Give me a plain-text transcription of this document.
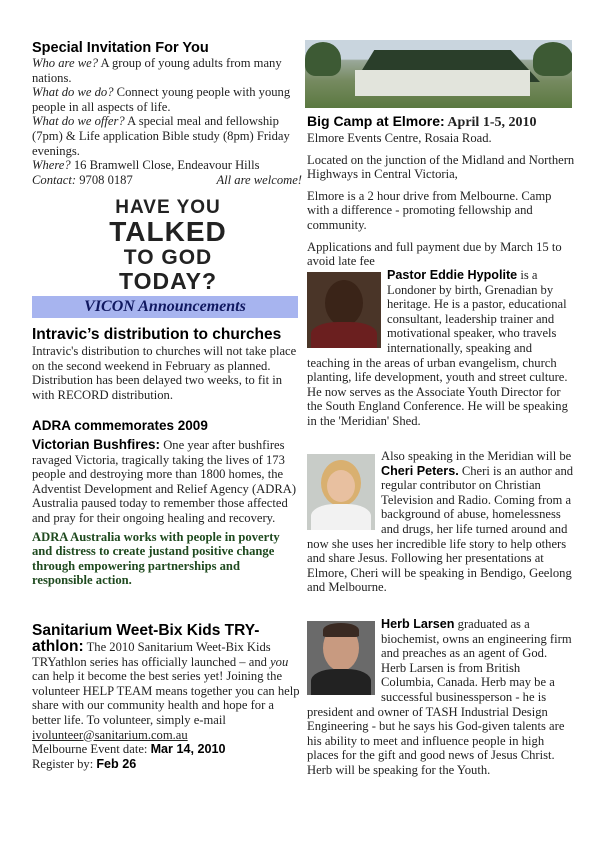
Special Invitation For You

Who are we? A group of young adults from many nations.

What do we do? Connect young people with young people in all aspects of life.

What do we offer? A special meal and fellowship (7pm) & Life application Bible study (8pm) Friday evenings.

Where? 16 Bramwell Close, Endeavour Hills

Contact: 9708 0187	All are welcome!
HAVE YOU
TALKED
TO GOD
TODAY?
VICON Announcements
Intravic’s distribution to churches

Intravic's distribution to churches will not take place on the second weekend in February as planned. Distribution has been delayed two weeks, to fit in with RECORD distribution.

ADRA commemorates 2009

Victorian Bushfires: One year after bushfires ravaged Victoria, tragically taking the lives of 173 people and destroying more than 1800 homes, the Adventist Development and Relief Agency (ADRA) Australia paused today to remember those affected and pray for their ongoing healing and recovery.

ADRA Australia works with people in poverty and distress to create justand positive change through empowering partnerships and responsible action.

Sanitarium Weet-Bix Kids TRY-

athlon: The 2010 Sanitarium Weet-Bix Kids TRYathlon series has officially launched – and you can help it become the best series yet! Joining the volunteer HELP TEAM means together you can help share with our community health and hope for a better life. To volunteer, simply e-mail ivolunteer@sanitarium.com.au

Melbourne Event date: Mar 14, 2010

Register by: Feb 26

Big Camp at Elmore: April 1-5, 2010

Elmore Events Centre, Rosaia Road.

Located on the junction of the Midland and Northern Highways in Central Victoria,

Elmore is a 2 hour drive from Melbourne. Camp with a difference - promoting fellowship and community.

Applications and full payment due by March 15 to avoid late fee

Pastor Eddie Hypolite is a Londoner by birth, Grenadian by heritage. He is a pastor, educational consultant, leadership trainer and motivational speaker, who travels internationally, speaking and teaching in the areas of urban evangelism, church planting, life development, youth and street culture. He now serves as the Associate Youth Director for the South England Conference. He will be speaking in the 'Meridian' Shed.

Also speaking in the Meridian will be Cheri Peters. Cheri is an author and regular contributor on Christian Television and Radio. Coming from a background of abuse, homelessness and drugs, her life turned around and now she uses her incredible life story to help others and share Jesus. Following her presentations at Elmore, Cheri will be speaking in Bendigo, Geelong and Melbourne.

Herb Larsen graduated as a biochemist, owns an engineering firm and preaches as an agent of God. Herb Larsen is from British Columbia, Canada. Herb may be a successful businessperson - he is president and owner of TASH Industrial Design Engineering - but he says his God-given talents are his ability to meet and influence people in high places for the gift and good news of Jesus Christ. Herb will be speaking for the Youth.
